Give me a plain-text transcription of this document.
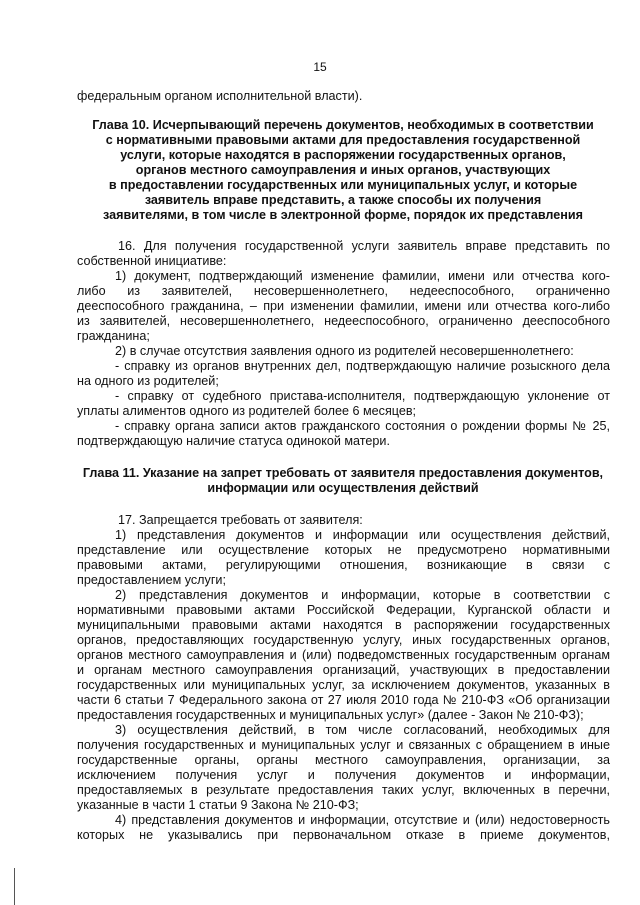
15
федеральным органом исполнительной власти).
Глава 10. Исчерпывающий перечень документов, необходимых в соответствии
с нормативными правовыми актами для предоставления государственной
услуги, которые находятся в распоряжении государственных органов,
органов местного самоуправления и иных органов, участвующих
в предоставлении государственных или муниципальных услуг, и которые
заявитель вправе представить, а также способы их получения
заявителями, в том числе в электронной форме, порядок их представления
16. Для получения государственной услуги заявитель вправе представить по
собственной инициативе:
1) документ, подтверждающий изменение фамилии, имени или отчества кого-
либо из заявителей, несовершеннолетнего, недееспособного, ограниченно
дееспособного гражданина, – при изменении фамилии, имени или отчества кого-либо
из заявителей, несовершеннолетнего, недееспособного, ограниченно дееспособного
гражданина;
2) в случае отсутствия заявления одного из родителей несовершеннолетнего:
- справку из органов внутренних дел, подтверждающую наличие розыскного дела
на одного из родителей;
- справку от судебного пристава-исполнителя, подтверждающую уклонение от
уплаты алиментов одного из родителей более 6 месяцев;
- справку органа записи актов гражданского состояния о рождении формы № 25,
подтверждающую наличие статуса одинокой матери.
Глава 11. Указание на запрет требовать от заявителя предоставления документов,
информации или осуществления действий
17. Запрещается требовать от заявителя:
1) представления документов и информации или осуществления действий,
представление или осуществление которых не предусмотрено нормативными
правовыми актами, регулирующими отношения, возникающие в связи с
предоставлением услуги;
2) представления документов и информации, которые в соответствии с
нормативными правовыми актами Российской Федерации, Курганской области и
муниципальными правовыми актами находятся в распоряжении государственных
органов, предоставляющих государственную услугу, иных государственных органов,
органов местного самоуправления и (или) подведомственных государственным органам
и органам местного самоуправления организаций, участвующих в предоставлении
государственных или муниципальных услуг, за исключением документов, указанных в
части 6 статьи 7 Федерального закона от 27 июля 2010 года № 210-ФЗ «Об организации
предоставления государственных и муниципальных услуг» (далее - Закон № 210-ФЗ);
3) осуществления действий, в том числе согласований, необходимых для
получения государственных и муниципальных услуг и связанных с обращением в иные
государственные органы, органы местного самоуправления, организации, за
исключением получения услуг и получения документов и информации,
предоставляемых в результате предоставления таких услуг, включенных в перечни,
указанные в части 1 статьи 9 Закона № 210-ФЗ;
4) представления документов и информации, отсутствие и (или) недостоверность
которых не указывались при первоначальном отказе в приеме документов,
